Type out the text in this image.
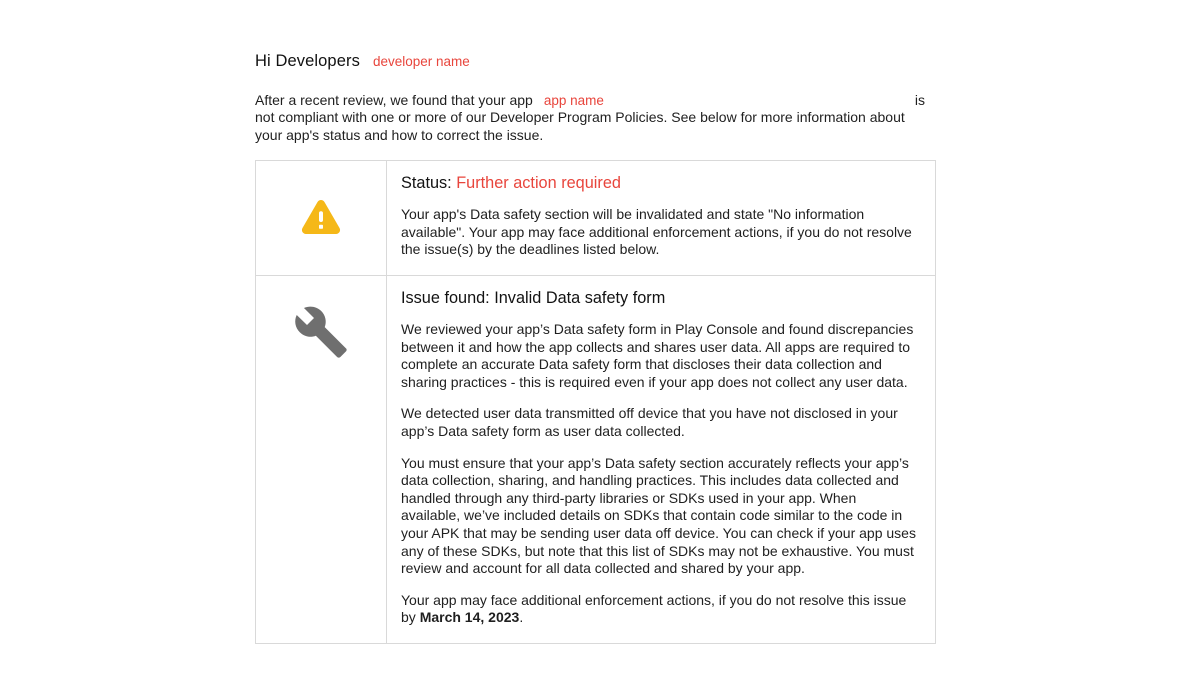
Hi Developers developer name
After a recent review, we found that your app app name	is
not compliant with one or more of our Developer Program Policies. See below for more information about your app's status and how to correct the issue.

Status: Further action required

Your app's Data safety section will be invalidated and state "No information available". Your app may face additional enforcement actions, if you do not resolve the issue(s) by the deadlines listed below.

Issue found: Invalid Data safety form

We reviewed your app’s Data safety form in Play Console and found discrepancies between it and how the app collects and shares user data. All apps are required to complete an accurate Data safety form that discloses their data collection and sharing practices - this is required even if your app does not collect any user data.

We detected user data transmitted off device that you have not disclosed in your app’s Data safety form as user data collected.

You must ensure that your app’s Data safety section accurately reflects your app’s data collection, sharing, and handling practices. This includes data collected and handled through any third-party libraries or SDKs used in your app. When available, we’ve included details on SDKs that contain code similar to the code in your APK that may be sending user data off device. You can check if your app uses any of these SDKs, but note that this list of SDKs may not be exhaustive. You must review and account for all data collected and shared by your app.

Your app may face additional enforcement actions, if you do not resolve this issue by March 14, 2023.
